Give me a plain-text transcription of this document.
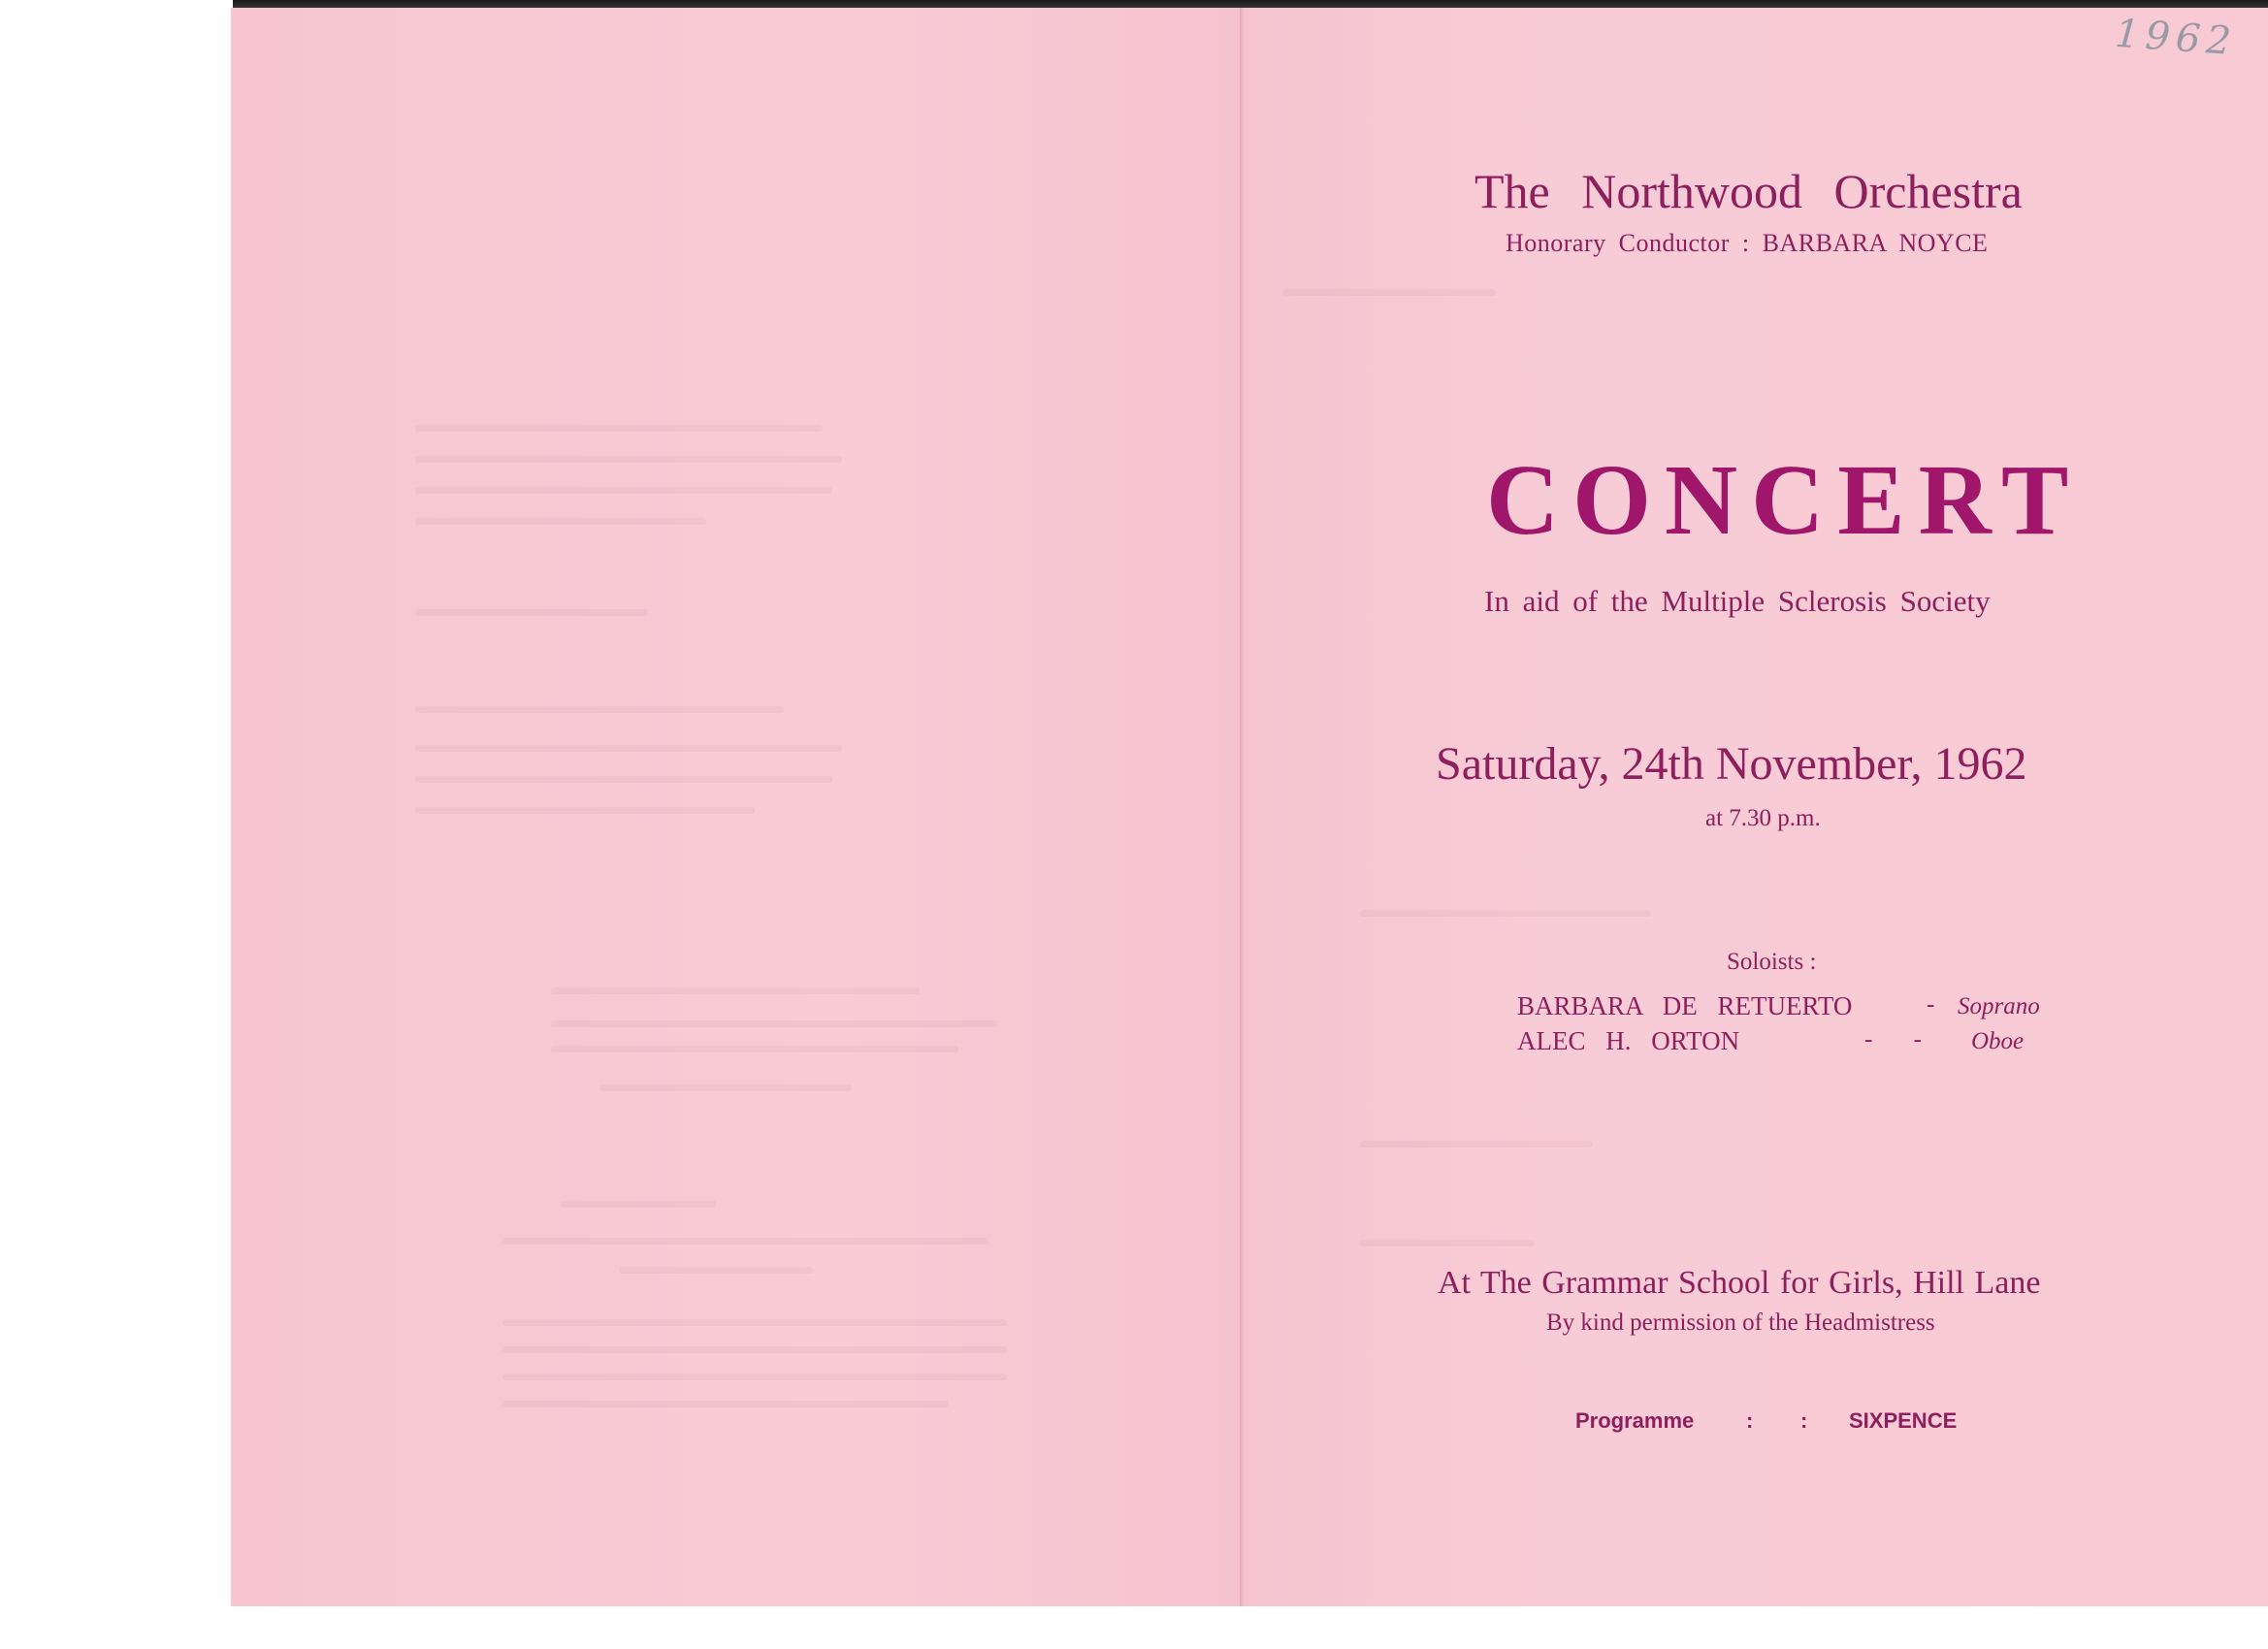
1962
The Northwood Orchestra
Honorary Conductor : BARBARA NOYCE
CONCERT
In aid of the Multiple Sclerosis Society
Saturday, 24th November, 1962
at 7.30 p.m.
Soloists :
BARBARA DE RETUERTO	- Soprano
ALEC H. ORTON	- - Oboe
At The Grammar School for Girls, Hill Lane
By kind permission of the Headmistress
Programme : : SIXPENCE
